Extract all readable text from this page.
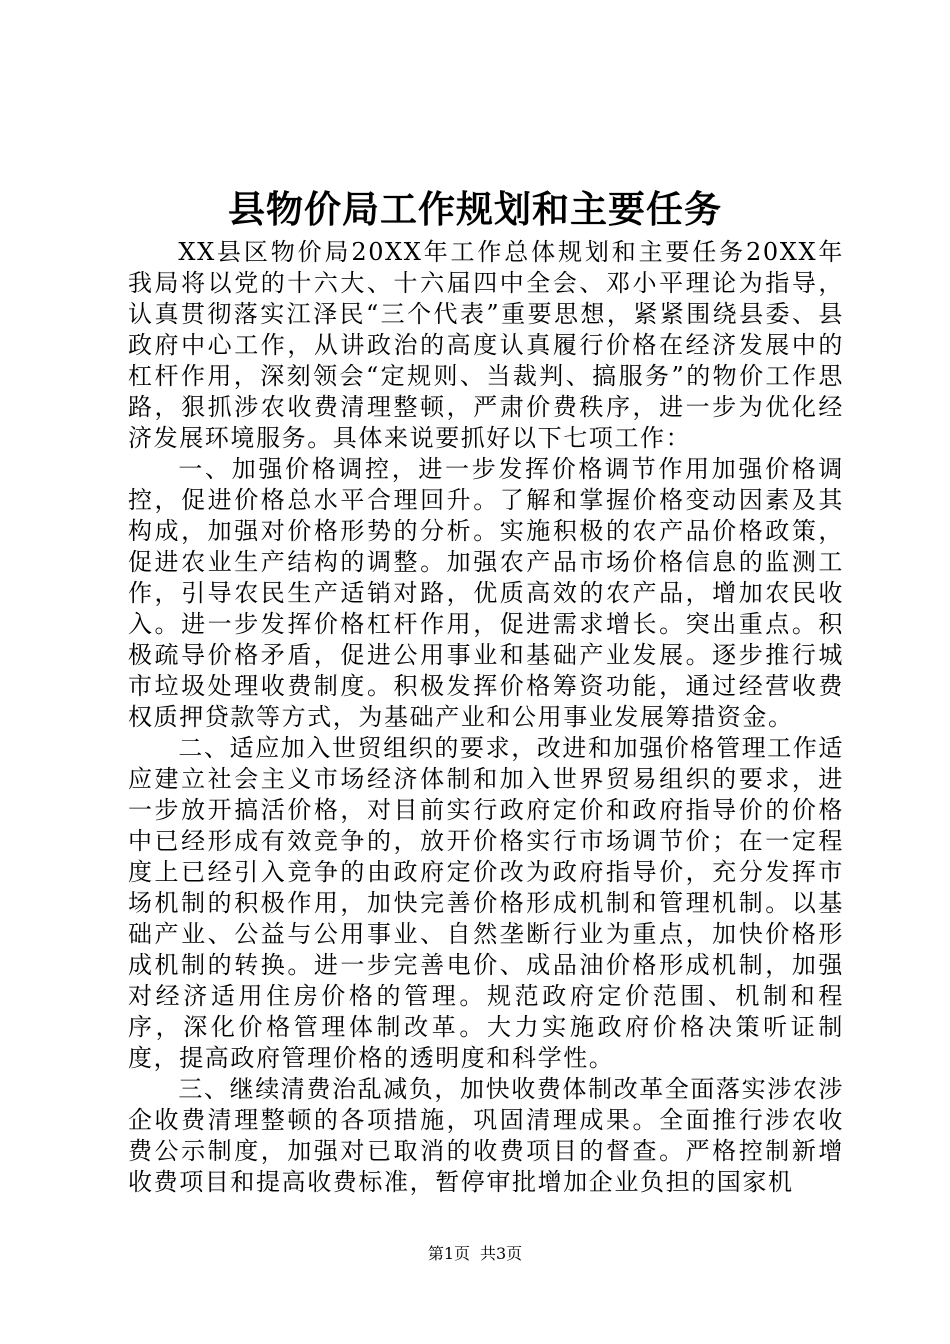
县物价局工作规划和主要任务

XX县区物价局20XX年工作总体规划和主要任务20XX年我局将以党的十六大、十六届四中全会、邓小平理论为指导，认真贯彻落实江泽民“三个代表”重要思想，紧紧围绕县委、县政府中心工作，从讲政治的高度认真履行价格在经济发展中的杠杆作用，深刻领会“定规则、当裁判、搞服务”的物价工作思路，狠抓涉农收费清理整顿，严肃价费秩序，进一步为优化经济发展环境服务。具体来说要抓好以下七项工作：

一、加强价格调控，进一步发挥价格调节作用加强价格调控，促进价格总水平合理回升。了解和掌握价格变动因素及其构成，加强对价格形势的分析。实施积极的农产品价格政策，促进农业生产结构的调整。加强农产品市场价格信息的监测工作，引导农民生产适销对路，优质高效的农产品，增加农民收入。进一步发挥价格杠杆作用，促进需求增长。突出重点。积极疏导价格矛盾，促进公用事业和基础产业发展。逐步推行城市垃圾处理收费制度。积极发挥价格筹资功能，通过经营收费权质押贷款等方式，为基础产业和公用事业发展筹措资金。

二、适应加入世贸组织的要求，改进和加强价格管理工作适应建立社会主义市场经济体制和加入世界贸易组织的要求，进一步放开搞活价格，对目前实行政府定价和政府指导价的价格中已经形成有效竞争的，放开价格实行市场调节价；在一定程度上已经引入竞争的由政府定价改为政府指导价，充分发挥市场机制的积极作用，加快完善价格形成机制和管理机制。以基础产业、公益与公用事业、自然垄断行业为重点，加快价格形成机制的转换。进一步完善电价、成品油价格形成机制，加强对经济适用住房价格的管理。规范政府定价范围、机制和程序，深化价格管理体制改革。大力实施政府价格决策听证制度，提高政府管理价格的透明度和科学性。

三、继续清费治乱减负，加快收费体制改革全面落实涉农涉企收费清理整顿的各项措施，巩固清理成果。全面推行涉农收费公示制度，加强对已取消的收费项目的督查。严格控制新增收费项目和提高收费标准，暂停审批增加企业负担的国家机

第1页 共3页
